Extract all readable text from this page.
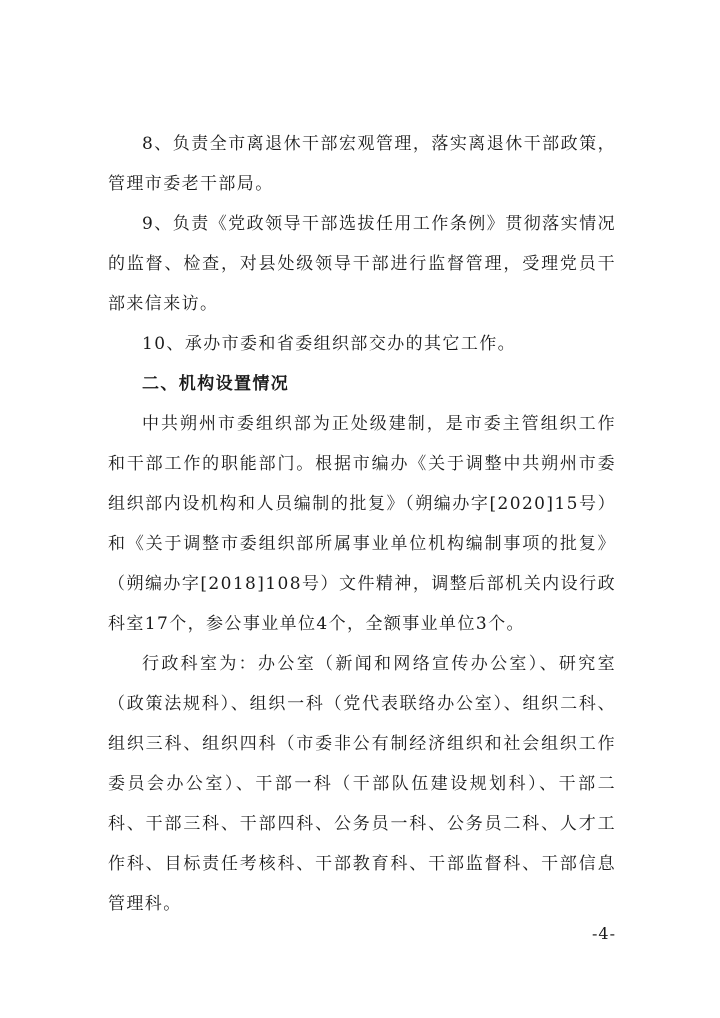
8、负责全市离退休干部宏观管理，落实离退休干部政策，管理市委老干部局。

9、负责《党政领导干部选拔任用工作条例》贯彻落实情况的监督、检查，对县处级领导干部进行监督管理，受理党员干部来信来访。

10、承办市委和省委组织部交办的其它工作。

二、机构设置情况

中共朔州市委组织部为正处级建制，是市委主管组织工作和干部工作的职能部门。根据市编办《关于调整中共朔州市委组织部内设机构和人员编制的批复》（朔编办字[2020]15号）和《关于调整市委组织部所属事业单位机构编制事项的批复》（朔编办字[2018]108号）文件精神，调整后部机关内设行政科室17个，参公事业单位4个，全额事业单位3个。

行政科室为：办公室（新闻和网络宣传办公室）、研究室（政策法规科）、组织一科（党代表联络办公室）、组织二科、组织三科、组织四科（市委非公有制经济组织和社会组织工作委员会办公室）、干部一科（干部队伍建设规划科）、干部二科、干部三科、干部四科、公务员一科、公务员二科、人才工作科、目标责任考核科、干部教育科、干部监督科、干部信息管理科。

-4-
